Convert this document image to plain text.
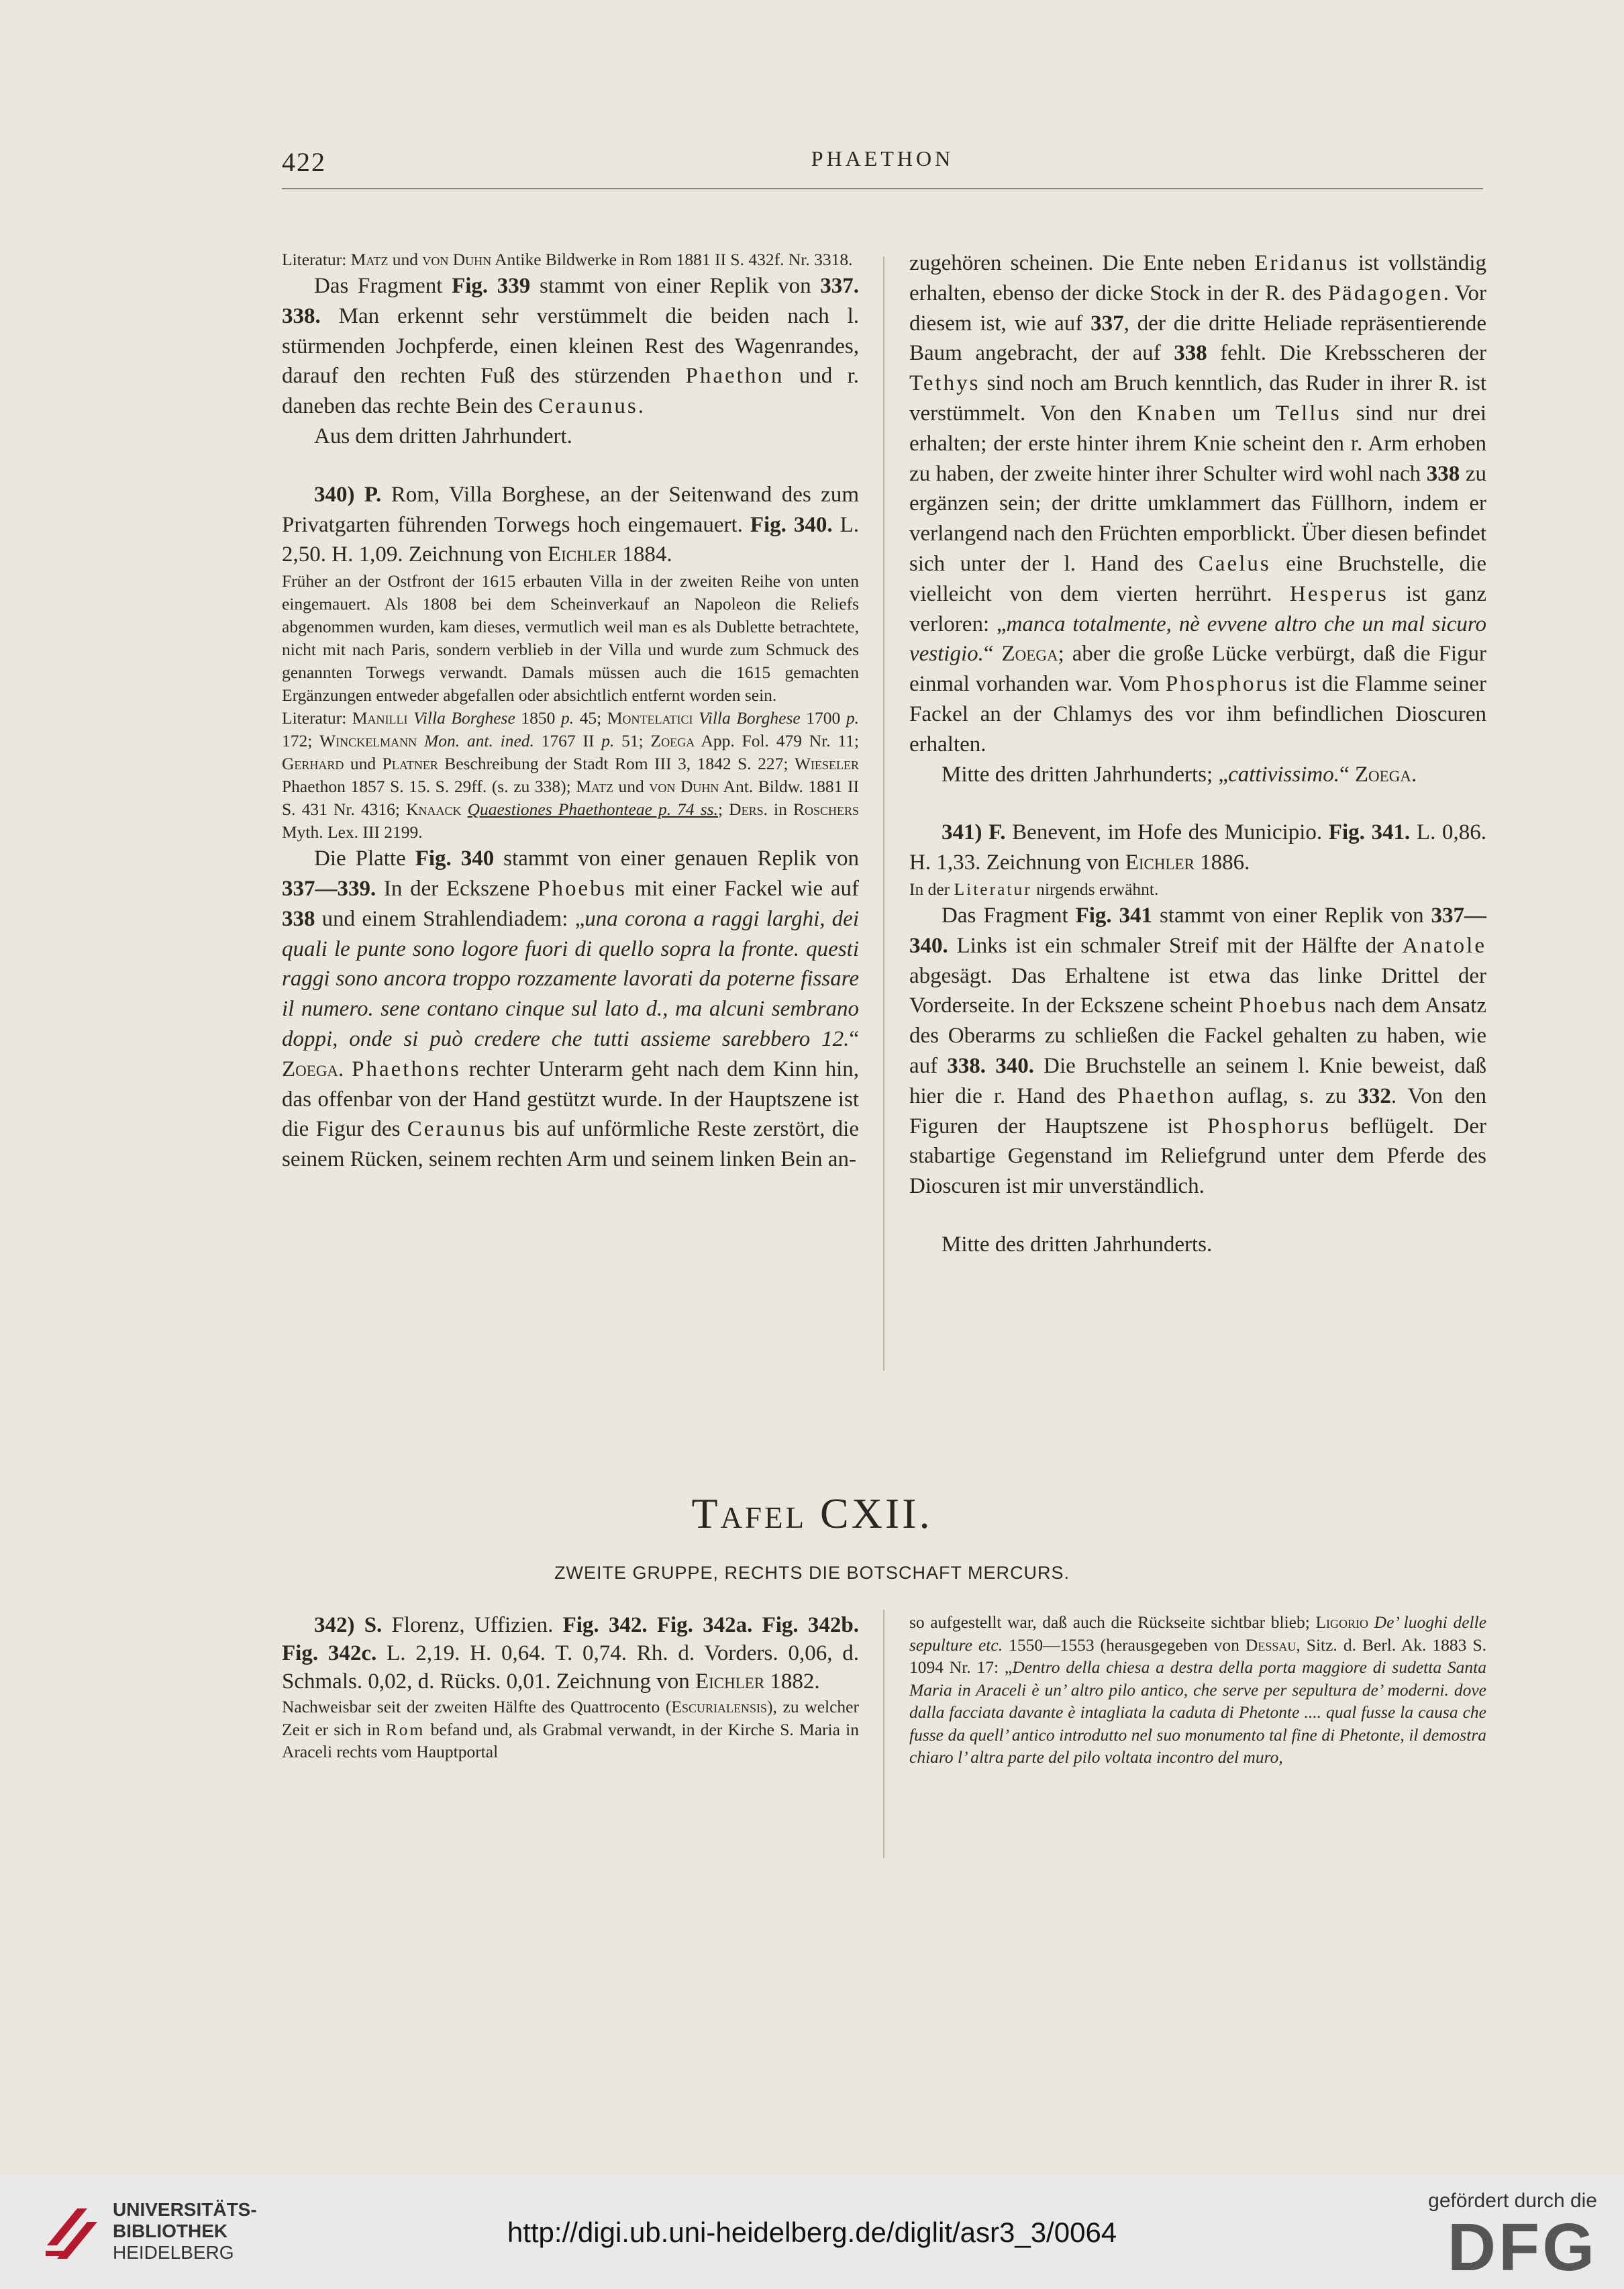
422	PHAETHON

Literatur: Matz und von Duhn Antike Bildwerke in Rom 1881 II S. 432f. Nr. 3318.

Das Fragment Fig. 339 stammt von einer Replik von 337. 338. Man erkennt sehr verstümmelt die beiden nach l. stürmenden Jochpferde, einen kleinen Rest des Wagenrandes, darauf den rechten Fuß des stürzenden Phaethon und r. daneben das rechte Bein des Ceraunus.

Aus dem dritten Jahrhundert.

340) P. Rom, Villa Borghese, an der Seitenwand des zum Privatgarten führenden Torwegs hoch eingemauert. Fig. 340. L. 2,50. H. 1,09. Zeichnung von Eichler 1884.

Früher an der Ostfront der 1615 erbauten Villa in der zweiten Reihe von unten eingemauert. Als 1808 bei dem Scheinverkauf an Napoleon die Reliefs abgenommen wurden, kam dieses, vermutlich weil man es als Dublette betrachtete, nicht mit nach Paris, sondern verblieb in der Villa und wurde zum Schmuck des genannten Torwegs verwandt. Damals müssen auch die 1615 gemachten Ergänzungen entweder abgefallen oder absichtlich entfernt worden sein.

Literatur: Manilli Villa Borghese 1850 p. 45; Montelatici Villa Borghese 1700 p. 172; Winckelmann Mon. ant. ined. 1767 II p. 51; Zoega App. Fol. 479 Nr. 11; Gerhard und Platner Beschreibung der Stadt Rom III 3, 1842 S. 227; Wieseler Phaethon 1857 S. 15. S. 29ff. (s. zu 338); Matz und von Duhn Ant. Bildw. 1881 II S. 431 Nr. 4316; Knaack Quaestiones Phaethonteae p. 74 ss.; Ders. in Roschers Myth. Lex. III 2199.

Die Platte Fig. 340 stammt von einer genauen Replik von 337—339. In der Eckszene Phoebus mit einer Fackel wie auf 338 und einem Strahlendiadem: „una corona a raggi larghi, dei quali le punte sono logore fuori di quello sopra la fronte. questi raggi sono ancora troppo rozzamente lavorati da poterne fissare il numero. sene contano cinque sul lato d., ma alcuni sembrano doppi, onde si può credere che tutti assieme sarebbero 12.“ Zoega. Phaethons rechter Unterarm geht nach dem Kinn hin, das offenbar von der Hand gestützt wurde. In der Hauptszene ist die Figur des Ceraunus bis auf unförmliche Reste zerstört, die seinem Rücken, seinem rechten Arm und seinem linken Bein an-

zugehören scheinen. Die Ente neben Eridanus ist vollständig erhalten, ebenso der dicke Stock in der R. des Pädagogen. Vor diesem ist, wie auf 337, der die dritte Heliade repräsentierende Baum angebracht, der auf 338 fehlt. Die Krebsscheren der Tethys sind noch am Bruch kenntlich, das Ruder in ihrer R. ist verstümmelt. Von den Knaben um Tellus sind nur drei erhalten; der erste hinter ihrem Knie scheint den r. Arm erhoben zu haben, der zweite hinter ihrer Schulter wird wohl nach 338 zu ergänzen sein; der dritte umklammert das Füllhorn, indem er verlangend nach den Früchten emporblickt. Über diesen befindet sich unter der l. Hand des Caelus eine Bruchstelle, die vielleicht von dem vierten herrührt. Hesperus ist ganz verloren: „manca totalmente, nè evvene altro che un mal sicuro vestigio.“ Zoega; aber die große Lücke verbürgt, daß die Figur einmal vorhanden war. Vom Phosphorus ist die Flamme seiner Fackel an der Chlamys des vor ihm befindlichen Dioscuren erhalten.

Mitte des dritten Jahrhunderts; „cattivissimo.“ Zoega.

341) F. Benevent, im Hofe des Municipio. Fig. 341. L. 0,86. H. 1,33. Zeichnung von Eichler 1886.

In der Literatur nirgends erwähnt.

Das Fragment Fig. 341 stammt von einer Replik von 337—340. Links ist ein schmaler Streif mit der Hälfte der Anatole abgesägt. Das Erhaltene ist etwa das linke Drittel der Vorderseite. In der Eckszene scheint Phoebus nach dem Ansatz des Oberarms zu schließen die Fackel gehalten zu haben, wie auf 338. 340. Die Bruchstelle an seinem l. Knie beweist, daß hier die r. Hand des Phaethon auflag, s. zu 332. Von den Figuren der Hauptszene ist Phosphorus beflügelt. Der stabartige Gegenstand im Reliefgrund unter dem Pferde des Dioscuren ist mir unverständlich.

Mitte des dritten Jahrhunderts.

Tafel CXII.
ZWEITE GRUPPE, RECHTS DIE BOTSCHAFT MERCURS.

342) S. Florenz, Uffizien. Fig. 342. Fig. 342a. Fig. 342b. Fig. 342c. L. 2,19. H. 0,64. T. 0,74. Rh. d. Vorders. 0,06, d. Schmals. 0,02, d. Rücks. 0,01. Zeichnung von Eichler 1882.

Nachweisbar seit der zweiten Hälfte des Quattrocento (Escurialensis), zu welcher Zeit er sich in Rom befand und, als Grabmal verwandt, in der Kirche S. Maria in Araceli rechts vom Hauptportal

so aufgestellt war, daß auch die Rückseite sichtbar blieb; Ligorio De’ luoghi delle sepulture etc. 1550—1553 (herausgegeben von Dessau, Sitz. d. Berl. Ak. 1883 S. 1094 Nr. 17: „Dentro della chiesa a destra della porta maggiore di sudetta Santa Maria in Araceli è un’ altro pilo antico, che serve per sepultura de’ moderni. dove dalla facciata davante è intagliata la caduta di Phetonte .... qual fusse la causa che fusse da quell’ antico introdutto nel suo monumento tal fine di Phetonte, il demostra chiaro l’ altra parte del pilo voltata incontro del muro,

UNIVERSITÄTS-
BIBLIOTHEK
HEIDELBERG
http://digi.ub.uni-heidelberg.de/diglit/asr3_3/0064
gefördert durch die
DFG
